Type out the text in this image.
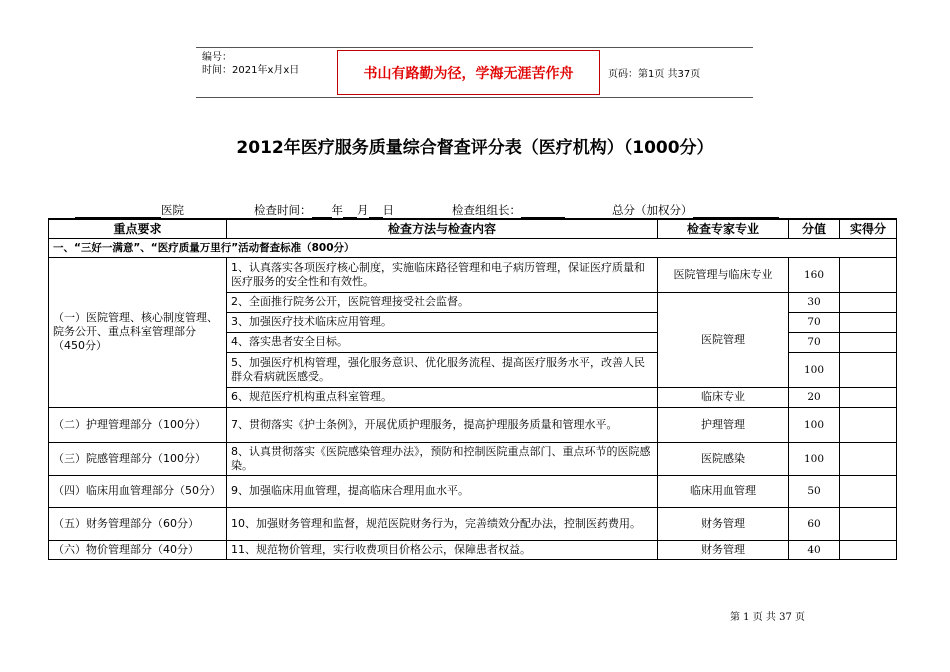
编号：
时间：2021年x月x日	书山有路勤为径，学海无涯苦作舟	页码：第1页 共37页
2012年医疗服务质量综合督查评分表（医疗机构）（1000分）
医院	检查时间： 年 月 日	检查组组长：	总分（加权分）
重点要求	检查方法与检查内容	检查专家专业	分值	实得分
一、“三好一满意”、“医疗质量万里行”活动督查标准（800分）				
（一）医院管理、核心制度管理、院务公开、重点科室管理部分（450分）	1、认真落实各项医疗核心制度，实施临床路径管理和电子病历管理，保证医疗质量和医疗服务的安全性和有效性。	医院管理与临床专业	160	
	2、全面推行院务公开，医院管理接受社会监督。	医院管理	30	
	3、加强医疗技术临床应用管理。		70	
	4、落实患者安全目标。		70	
	5、加强医疗机构管理，强化服务意识、优化服务流程、提高医疗服务水平，改善人民群众看病就医感受。		100	
	6、规范医疗机构重点科室管理。	临床专业	20	
（二）护理管理部分（100分）	7、贯彻落实《护士条例》，开展优质护理服务，提高护理服务质量和管理水平。	护理管理	100	
（三）院感管理部分（100分）	8、认真贯彻落实《医院感染管理办法》，预防和控制医院重点部门、重点环节的医院感染。	医院感染	100	
（四）临床用血管理部分（50分）	9、加强临床用血管理，提高临床合理用血水平。	临床用血管理	50	
（五）财务管理部分（60分）	10、加强财务管理和监督，规范医院财务行为，完善绩效分配办法，控制医药费用。	财务管理	60	
（六）物价管理部分（40分）	11、规范物价管理，实行收费项目价格公示，保障患者权益。	财务管理	40	
第 1 页 共 37 页
